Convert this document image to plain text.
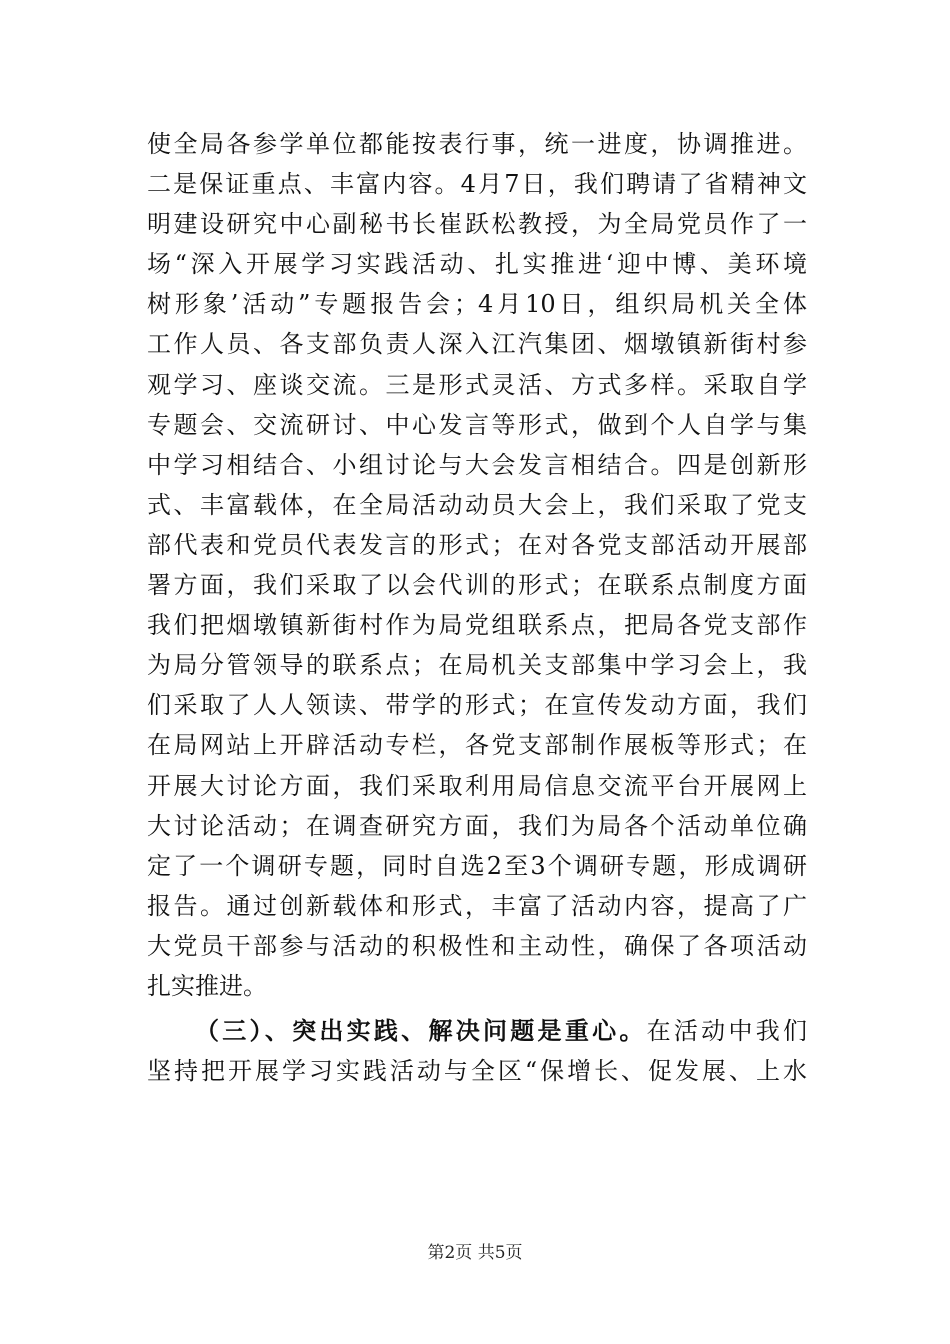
使全局各参学单位都能按表行事，统一进度，协调推进。
二是保证重点、丰富内容。4月7日，我们聘请了省精神文
明建设研究中心副秘书长崔跃松教授，为全局党员作了一
场“深入开展学习实践活动、扎实推进‘迎中博、美环境
树形象’活动”专题报告会；4月10日，组织局机关全体
工作人员、各支部负责人深入江汽集团、烟墩镇新街村参
观学习、座谈交流。三是形式灵活、方式多样。采取自学
专题会、交流研讨、中心发言等形式，做到个人自学与集
中学习相结合、小组讨论与大会发言相结合。四是创新形
式、丰富载体，在全局活动动员大会上，我们采取了党支
部代表和党员代表发言的形式；在对各党支部活动开展部
署方面，我们采取了以会代训的形式；在联系点制度方面
我们把烟墩镇新街村作为局党组联系点，把局各党支部作
为局分管领导的联系点；在局机关支部集中学习会上，我
们采取了人人领读、带学的形式；在宣传发动方面，我们
在局网站上开辟活动专栏，各党支部制作展板等形式；在
开展大讨论方面，我们采取利用局信息交流平台开展网上
大讨论活动；在调查研究方面，我们为局各个活动单位确
定了一个调研专题，同时自选2至3个调研专题，形成调研
报告。通过创新载体和形式，丰富了活动内容，提高了广
大党员干部参与活动的积极性和主动性，确保了各项活动
扎实推进。
（三）、突出实践、解决问题是重心。在活动中我们
坚持把开展学习实践活动与全区“保增长、促发展、上水
第2页 共5页
